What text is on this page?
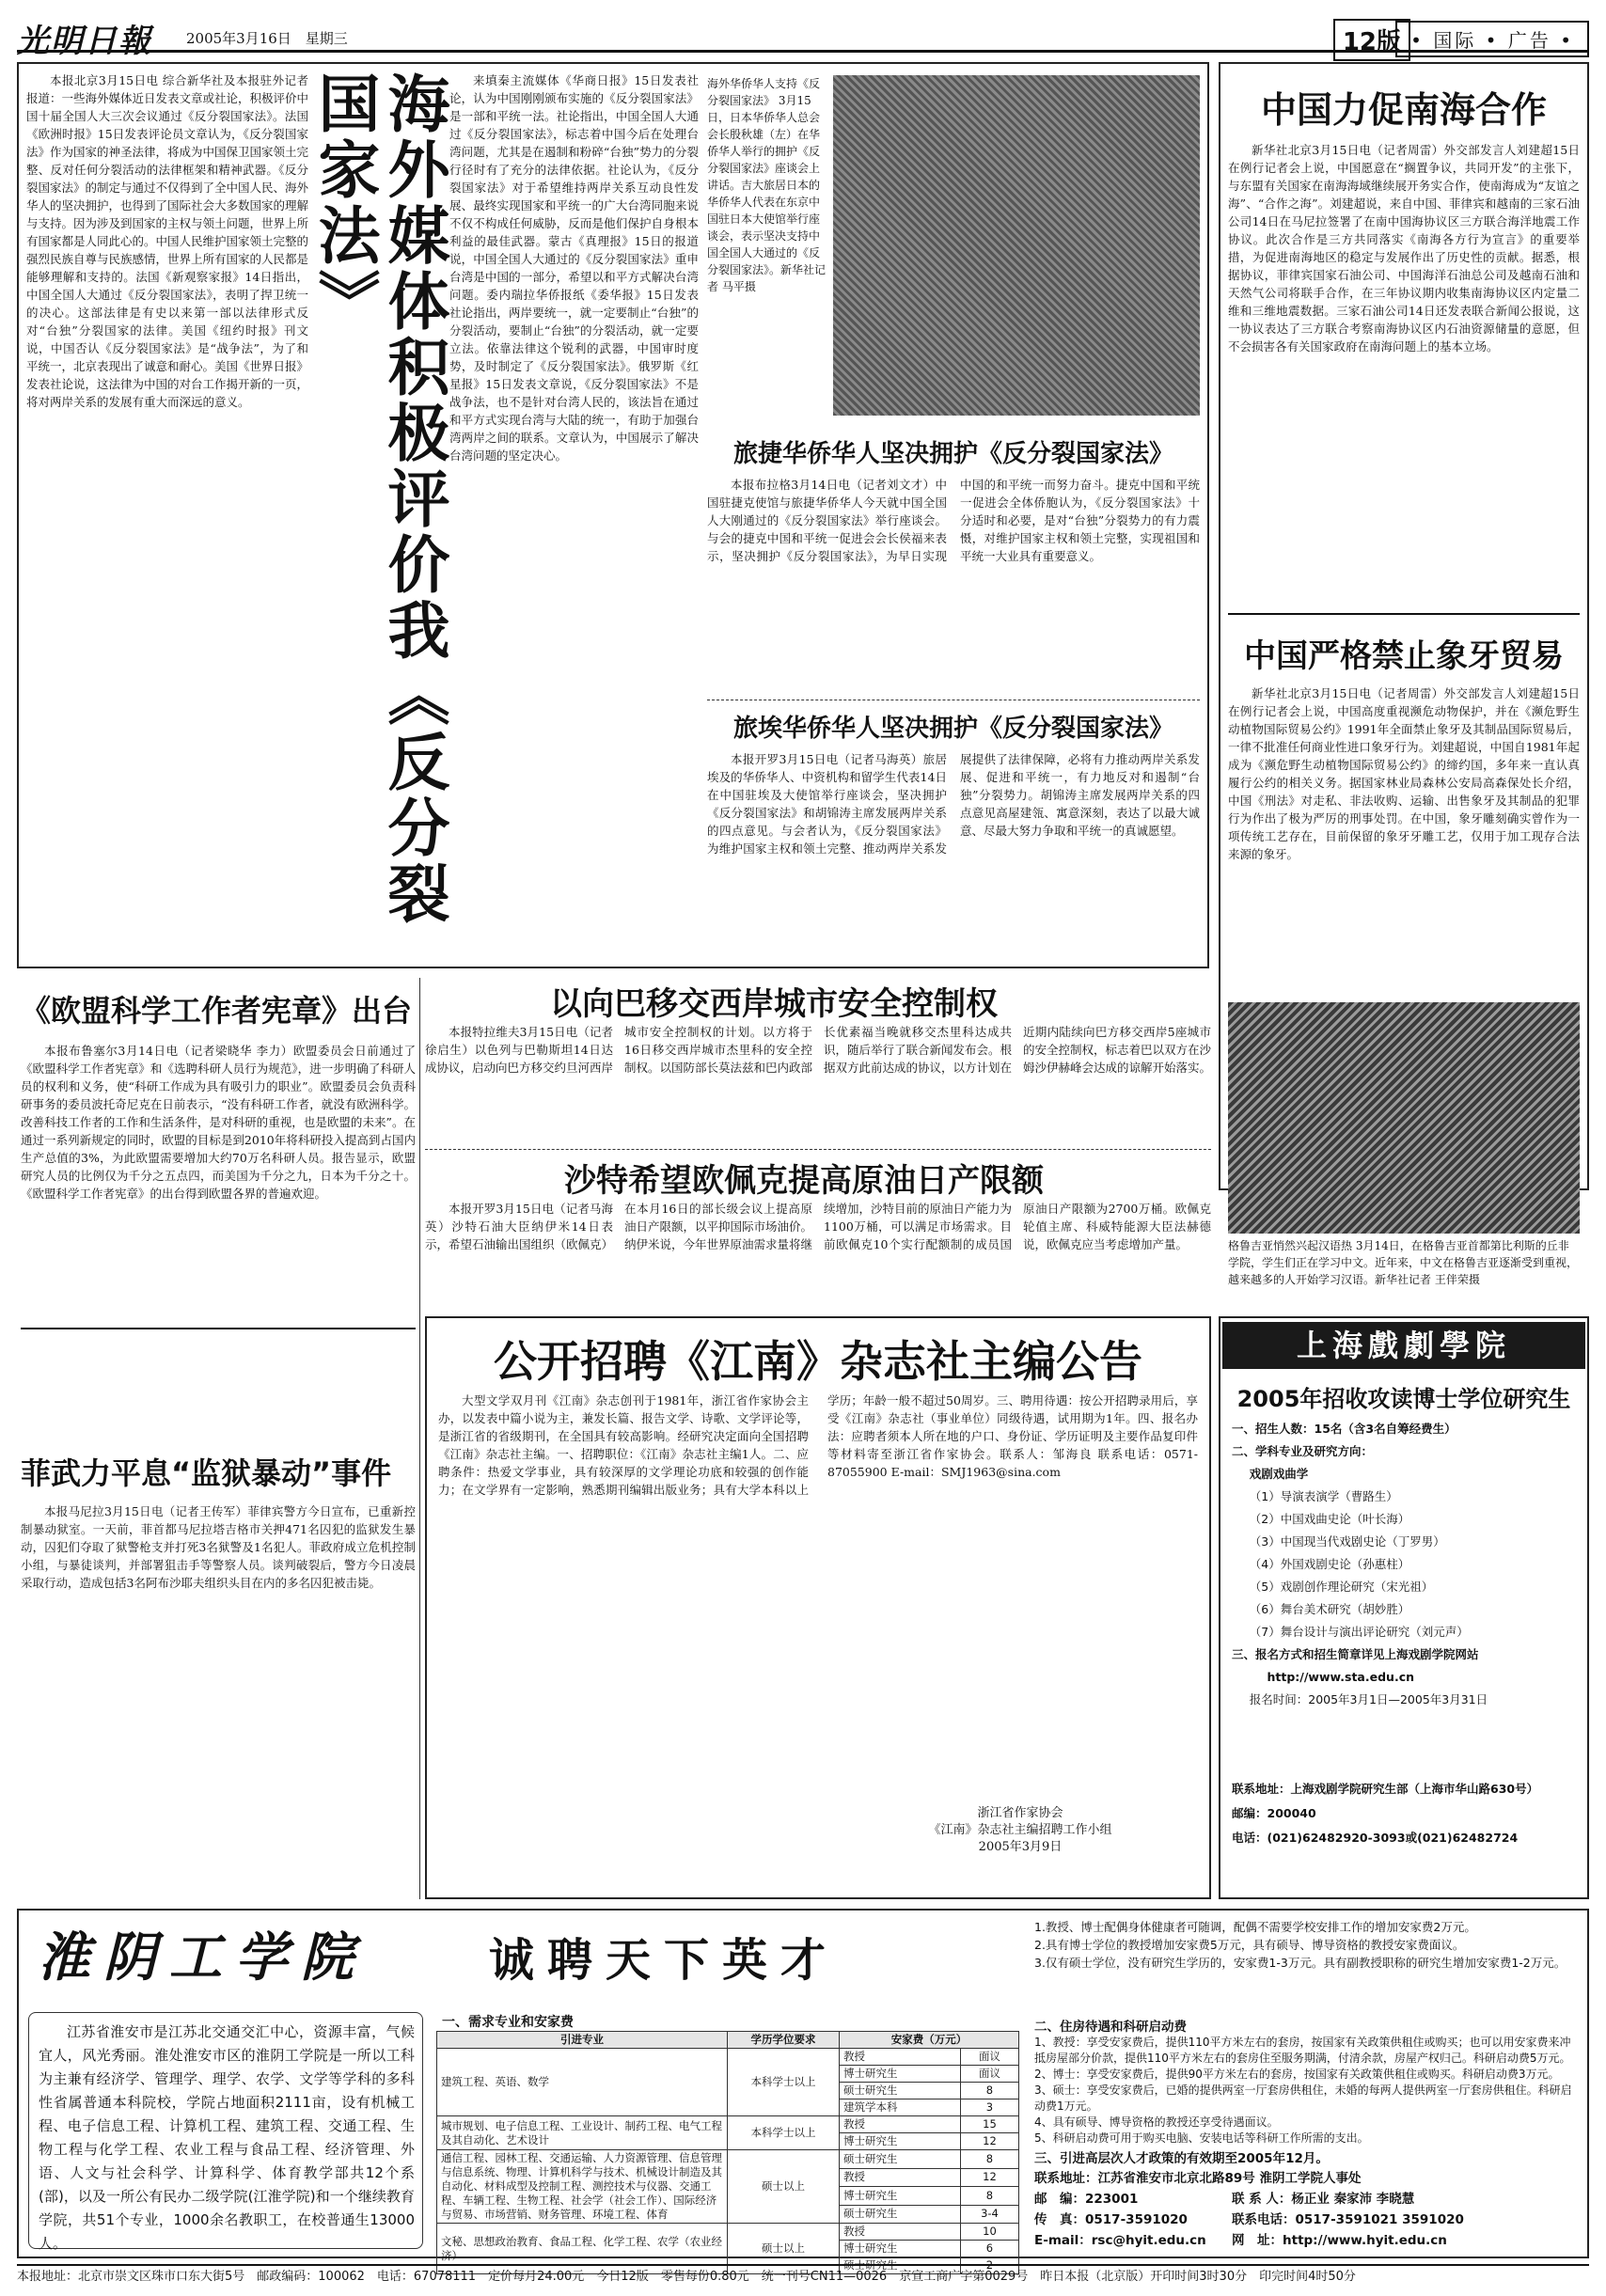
光明日報 2005年3月16日　星期三	12版 • 国际 • 广告 •
本报北京3月15日电 综合新华社及本报驻外记者报道：一些海外媒体近日发表文章或社论，积极评价中国十届全国人大三次会议通过《反分裂国家法》。法国《欧洲时报》15日发表评论员文章认为，《反分裂国家法》作为国家的神圣法律，将成为中国保卫国家领土完整、反对任何分裂活动的法律框架和精神武器。《反分裂国家法》的制定与通过不仅得到了全中国人民、海外华人的坚决拥护，也得到了国际社会大多数国家的理解与支持。因为涉及到国家的主权与领土问题，世界上所有国家都是人同此心的。中国人民维护国家领土完整的强烈民族自尊与民族感情，世界上所有国家的人民都是能够理解和支持的。法国《新观察家报》14日指出，中国全国人大通过《反分裂国家法》，表明了捍卫统一的决心。这部法律是有史以来第一部以法律形式反对“台独”分裂国家的法律。美国《纽约时报》刊文说，中国否认《反分裂国家法》是“战争法”，为了和平统一，北京表现出了诚意和耐心。美国《世界日报》发表社论说，这法律为中国的对台工作揭开新的一页，将对两岸关系的发展有重大而深远的意义。	海外媒体积极评价我《反分裂国家法》	来填秦主流媒体《华商日报》15日发表社论，认为中国刚刚颁布实施的《反分裂国家法》是一部和平统一法。社论指出，中国全国人大通过《反分裂国家法》，标志着中国今后在处理台湾问题，尤其是在遏制和粉碎“台独”势力的分裂行径时有了充分的法律依据。社论认为，《反分裂国家法》对于希望维持两岸关系互动良性发展、最终实现国家和平统一的广大台湾同胞来说不仅不构成任何威胁，反而是他们保护自身根本利益的最佳武器。蒙古《真理报》15日的报道说，中国全国人大通过的《反分裂国家法》重申台湾是中国的一部分，希望以和平方式解决台湾问题。委内瑞拉华侨报纸《委华报》15日发表社论指出，两岸要统一，就一定要制止“台独”的分裂活动，要制止“台独”的分裂活动，就一定要立法。依靠法律这个锐利的武器，中国审时度势，及时制定了《反分裂国家法》。俄罗斯《红星报》15日发表文章说，《反分裂国家法》不是战争法，也不是针对台湾人民的，该法旨在通过和平方式实现台湾与大陆的统一，有助于加强台湾两岸之间的联系。文章认为，中国展示了解决台湾问题的坚定决心。
海外华侨华人支持《反分裂国家法》 3月15日，日本华侨华人总会会长殷秋雄（左）在华侨华人举行的拥护《反分裂国家法》座谈会上讲话。吉大旅居日本的华侨华人代表在东京中国驻日本大使馆举行座谈会，表示坚决支持中国全国人大通过的《反分裂国家法》。新华社记者 马平摄
旅捷华侨华人坚决拥护《反分裂国家法》
本报布拉格3月14日电（记者刘文才）中国驻捷克使馆与旅捷华侨华人今天就中国全国人大刚通过的《反分裂国家法》举行座谈会。与会的捷克中国和平统一促进会会长侯福来表示，坚决拥护《反分裂国家法》，为早日实现中国的和平统一而努力奋斗。捷克中国和平统一促进会全体侨胞认为，《反分裂国家法》十分适时和必要，是对“台独”分裂势力的有力震慑，对维护国家主权和领土完整，实现祖国和平统一大业具有重要意义。
旅埃华侨华人坚决拥护《反分裂国家法》
本报开罗3月15日电（记者马海英）旅居埃及的华侨华人、中资机构和留学生代表14日在中国驻埃及大使馆举行座谈会，坚决拥护《反分裂国家法》和胡锦涛主席发展两岸关系的四点意见。与会者认为，《反分裂国家法》为维护国家主权和领土完整、推动两岸关系发展提供了法律保障，必将有力推动两岸关系发展、促进和平统一，有力地反对和遏制“台独”分裂势力。胡锦涛主席发展两岸关系的四点意见高屋建瓴、寓意深刻，表达了以最大诚意、尽最大努力争取和平统一的真诚愿望。
中国力促南海合作
新华社北京3月15日电（记者周雷）外交部发言人刘建超15日在例行记者会上说，中国愿意在“搁置争议，共同开发”的主张下，与东盟有关国家在南海海域继续展开务实合作，使南海成为“友谊之海”、“合作之海”。刘建超说，来自中国、菲律宾和越南的三家石油公司14日在马尼拉签署了在南中国海协议区三方联合海洋地震工作协议。此次合作是三方共同落实《南海各方行为宣言》的重要举措，为促进南海地区的稳定与发展作出了历史性的贡献。据悉，根据协议，菲律宾国家石油公司、中国海洋石油总公司及越南石油和天然气公司将联手合作，在三年协议期内收集南海协议区内定量二维和三维地震数据。三家石油公司14日还发表联合新闻公报说，这一协议表达了三方联合考察南海协议区内石油资源储量的意愿，但不会损害各有关国家政府在南海问题上的基本立场。
中国严格禁止象牙贸易
新华社北京3月15日电（记者周雷）外交部发言人刘建超15日在例行记者会上说，中国高度重视濒危动物保护，并在《濒危野生动植物国际贸易公约》1991年全面禁止象牙及其制品国际贸易后，一律不批准任何商业性进口象牙行为。刘建超说，中国自1981年起成为《濒危野生动植物国际贸易公约》的缔约国，多年来一直认真履行公约的相关义务。据国家林业局森林公安局高森保处长介绍，中国《刑法》对走私、非法收购、运输、出售象牙及其制品的犯罪行为作出了极为严厉的刑事处罚。在中国，象牙雕刻确实曾作为一项传统工艺存在，目前保留的象牙牙雕工艺，仅用于加工现存合法来源的象牙。
格鲁吉亚悄然兴起汉语热 3月14日，在格鲁吉亚首都第比利斯的丘非学院，学生们正在学习中文。近年来，中文在格鲁吉亚逐渐受到重视，越来越多的人开始学习汉语。新华社记者 王伴荣摄
《欧盟科学工作者宪章》出台
本报布鲁塞尔3月14日电（记者梁晓华 李力）欧盟委员会日前通过了《欧盟科学工作者宪章》和《选聘科研人员行为规范》，进一步明确了科研人员的权利和义务，使“科研工作成为具有吸引力的职业”。欧盟委员会负责科研事务的委员波托奇尼克在日前表示，“没有科研工作者，就没有欧洲科学。改善科技工作者的工作和生活条件，是对科研的重视，也是欧盟的未来”。在通过一系列新规定的同时，欧盟的目标是到2010年将科研投入提高到占国内生产总值的3%，为此欧盟需要增加大约70万名科研人员。报告显示，欧盟研究人员的比例仅为千分之五点四，而美国为千分之九，日本为千分之十。《欧盟科学工作者宪章》的出台得到欧盟各界的普遍欢迎。
以向巴移交西岸城市安全控制权
本报特拉维夫3月15日电（记者徐启生）以色列与巴勒斯坦14日达成协议，启动向巴方移交约旦河西岸城市安全控制权的计划。以方将于16日移交西岸城市杰里科的安全控制权。以国防部长莫法兹和巴内政部长优素福当晚就移交杰里科达成共识，随后举行了联合新闻发布会。根据双方此前达成的协议，以方计划在近期内陆续向巴方移交西岸5座城市的安全控制权，标志着巴以双方在沙姆沙伊赫峰会达成的谅解开始落实。
沙特希望欧佩克提高原油日产限额
本报开罗3月15日电（记者马海英）沙特石油大臣纳伊米14日表示，希望石油输出国组织（欧佩克）在本月16日的部长级会议上提高原油日产限额，以平抑国际市场油价。纳伊米说，今年世界原油需求量将继续增加，沙特目前的原油日产能力为1100万桶，可以满足市场需求。目前欧佩克10个实行配额制的成员国原油日产限额为2700万桶。欧佩克轮值主席、科威特能源大臣法赫德说，欧佩克应当考虑增加产量。
公开招聘《江南》杂志社主编公告
大型文学双月刊《江南》杂志创刊于1981年，浙江省作家协会主办，以发表中篇小说为主，兼发长篇、报告文学、诗歌、文学评论等，是浙江省的省级期刊，在全国具有较高影响。经研究决定面向全国招聘《江南》杂志社主编。一、招聘职位：《江南》杂志社主编1人。二、应聘条件：热爱文学事业，具有较深厚的文学理论功底和较强的创作能力；在文学界有一定影响，熟悉期刊编辑出版业务；具有大学本科以上学历；年龄一般不超过50周岁。三、聘用待遇：按公开招聘录用后，享受《江南》杂志社（事业单位）同级待遇，试用期为1年。四、报名办法：应聘者须本人所在地的户口、身份证、学历证明及主要作品复印件等材料寄至浙江省作家协会。联系人：邹海良 联系电话：0571-87055900 E-mail：SMJ1963@sina.com
浙江省作家协会
《江南》杂志社主编招聘工作小组
2005年3月9日
菲武力平息“监狱暴动”事件
本报马尼拉3月15日电（记者王传军）菲律宾警方今日宣布，已重新控制暴动狱室。一天前，菲首都马尼拉塔吉格市关押471名囚犯的监狱发生暴动，囚犯们夺取了狱警枪支并打死3名狱警及1名犯人。菲政府成立危机控制小组，与暴徒谈判，并部署狙击手等警察人员。谈判破裂后，警方今日凌晨采取行动，造成包括3名阿布沙耶夫组织头目在内的多名囚犯被击毙。
上海戲劇學院
2005年招收攻读博士学位研究生
一、招生人数：15名（含3名自筹经费生）
二、学科专业及研究方向：
戏剧戏曲学
（1）导演表演学（曹路生）
（2）中国戏曲史论（叶长海）
（3）中国现当代戏剧史论（丁罗男）
（4）外国戏剧史论（孙惠柱）
（5）戏剧创作理论研究（宋光祖）
（6）舞台美术研究（胡妙胜）
（7）舞台设计与演出评论研究（刘元声）
三、报名方式和招生简章详见上海戏剧学院网站
http://www.sta.edu.cn
报名时间：2005年3月1日—2005年3月31日
联系地址：上海戏剧学院研究生部（上海市华山路630号）
邮编：200040
电话：(021)62482920-3093或(021)62482724
淮阴工学院	诚聘天下英才
江苏省淮安市是江苏北交通交汇中心，资源丰富，气候宜人，风光秀丽。淮处淮安市区的淮阴工学院是一所以工科为主兼有经济学、管理学、理学、农学、文学等学科的多科性省属普通本科院校，学院占地面积2111亩，设有机械工程、电子信息工程、计算机工程、建筑工程、交通工程、生物工程与化学工程、农业工程与食品工程、经济管理、外语、人文与社会科学、计算科学、体育教学部共12个系(部)，以及一所公有民办二级学院(江淮学院)和一个继续教育学院，共51个专业，1000余名教职工，在校普通生13000人。
一、需求专业和安家费
引进专业	学历学位要求	安家费（万元）	
建筑工程、英语、数学	本科学士以上	教授	面议
		博士研究生	面议
		硕士研究生	8
		建筑学本科	3
城市规划、电子信息工程、工业设计、制药工程、电气工程及其自动化、艺术设计	本科学士以上	教授	15
		博士研究生	12
通信工程、园林工程、交通运输、人力资源管理、信息管理与信息系统、物理、计算机科学与技术、机械设计制造及其自动化、材料成型及控制工程、测控技术与仪器、交通工程、车辆工程、生物工程、社会学（社会工作）、国际经济与贸易、市场营销、财务管理、环境工程、体育	硕士以上	硕士研究生	8
		教授	12
		博士研究生	8
		硕士研究生	3-4
文秘、思想政治教育、食品工程、化学工程、农学（农业经济）	硕士以上	教授	10
		博士研究生	6
		硕士研究生	2
1.教授、博士配偶身体健康者可随调，配偶不需要学校安排工作的增加安家费2万元。
2.具有博士学位的教授增加安家费5万元，具有硕导、博导资格的教授安家费面议。
3.仅有硕士学位，没有研究生学历的，安家费1-3万元。具有副教授职称的研究生增加安家费1-2万元。
二、住房待遇和科研启动费
1、教授：享受安家费后，提供110平方米左右的套房，按国家有关政策供租住或购买；也可以用安家费来冲抵房屋部分价款，提供110平方米左右的套房住至服务期满，付清余款，房屋产权归己。科研启动费5万元。
2、博士：享受安家费后，提供90平方米左右的套房，按国家有关政策供租住或购买。科研启动费3万元。
3、硕士：享受安家费后，已婚的提供两室一厅套房供租住，未婚的每两人提供两室一厅套房供租住。科研启动费1万元。
4、具有硕导、博导资格的教授还享受待遇面议。
5、科研启动费可用于购买电脑、安装电话等科研工作所需的支出。
三、引进高层次人才政策的有效期至2005年12月。
联系地址：江苏省淮安市北京北路89号 淮阴工学院人事处
邮　编：223001	联 系 人：杨正业 秦家沛 李晓慧
传　真：0517-3591020	联系电话：0517-3591021 3591020
E-mail：rsc@hyit.edu.cn	网　址：http://www.hyit.edu.cn
本报地址：北京市崇文区珠市口东大街5号　邮政编码：100062　电话：67078111　定价每月24.00元　今日12版　零售每份0.80元　统一刊号CN11—0026　京宣工商广字第0029号　昨日本报（北京版）开印时间3时30分　印完时间4时50分
